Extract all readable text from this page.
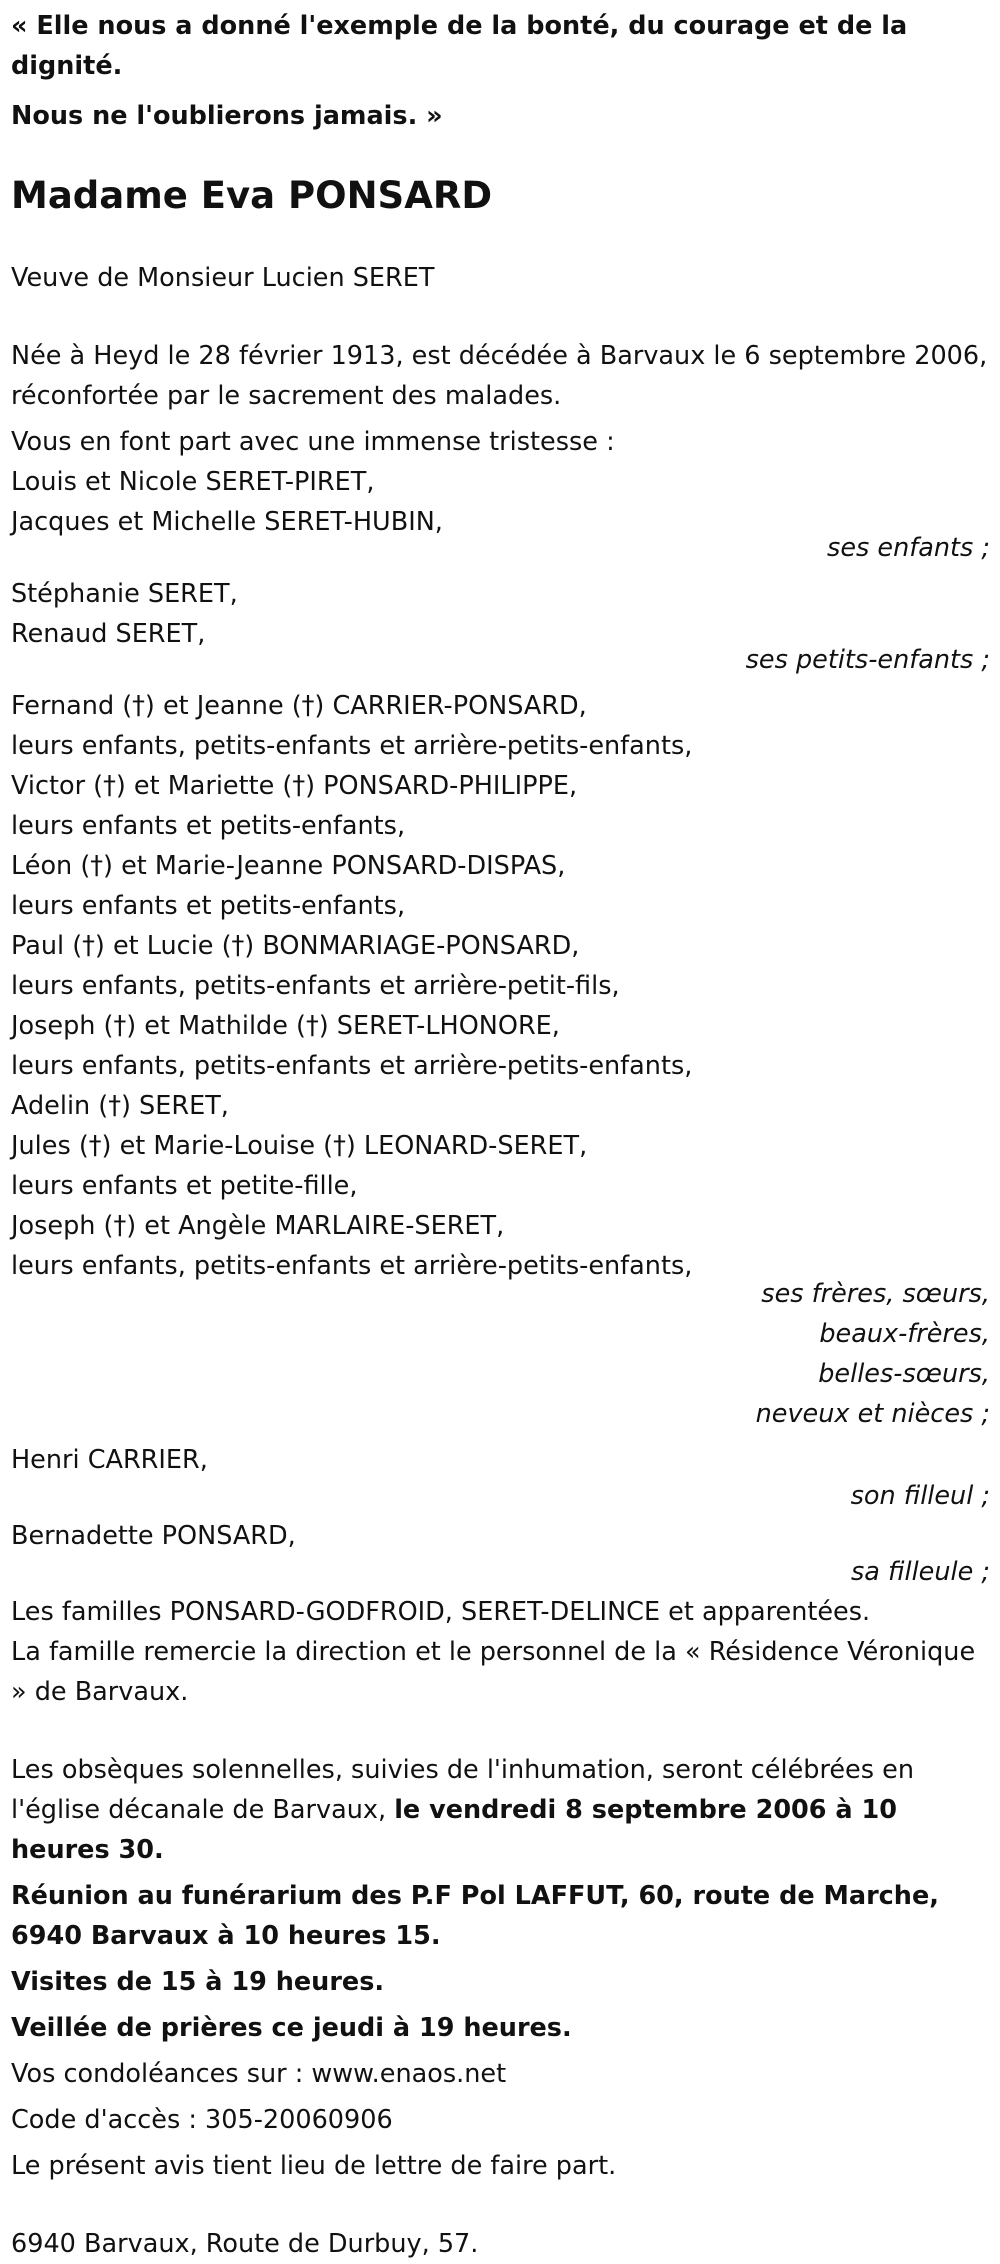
« Elle nous a donné l'exemple de la bonté, du courage et de la dignité.

Nous ne l'oublierons jamais. »

Madame Eva PONSARD

Veuve de Monsieur Lucien SERET

Née à Heyd le 28 février 1913, est décédée à Barvaux le 6 septembre 2006, réconfortée par le sacrement des malades.

Vous en font part avec une immense tristesse :

Louis et Nicole SERET-PIRET,

Jacques et Michelle SERET-HUBIN,

ses enfants ;

Stéphanie SERET,

Renaud SERET,

ses petits-enfants ;

Fernand (†) et Jeanne (†) CARRIER-PONSARD,

leurs enfants, petits-enfants et arrière-petits-enfants,

Victor (†) et Mariette (†) PONSARD-PHILIPPE,

leurs enfants et petits-enfants,

Léon (†) et Marie-Jeanne PONSARD-DISPAS,

leurs enfants et petits-enfants,

Paul (†) et Lucie (†) BONMARIAGE-PONSARD,

leurs enfants, petits-enfants et arrière-petit-fils,

Joseph (†) et Mathilde (†) SERET-LHONORE,

leurs enfants, petits-enfants et arrière-petits-enfants,

Adelin (†) SERET,

Jules (†) et Marie-Louise (†) LEONARD-SERET,

leurs enfants et petite-fille,

Joseph (†) et Angèle MARLAIRE-SERET,

leurs enfants, petits-enfants et arrière-petits-enfants,

ses frères, sœurs, beaux-frères, belles-sœurs, neveux et nièces ;

Henri CARRIER,

son filleul ;

Bernadette PONSARD,

sa filleule ;

Les familles PONSARD-GODFROID, SERET-DELINCE et apparentées.

La famille remercie la direction et le personnel de la « Résidence Véronique » de Barvaux.

Les obsèques solennelles, suivies de l'inhumation, seront célébrées en l'église décanale de Barvaux, le vendredi 8 septembre 2006 à 10 heures 30.

Réunion au funérarium des P.F Pol LAFFUT, 60, route de Marche, 6940 Barvaux à 10 heures 15.

Visites de 15 à 19 heures.

Veillée de prières ce jeudi à 19 heures.

Vos condoléances sur : www.enaos.net

Code d'accès : 305-20060906

Le présent avis tient lieu de lettre de faire part.

6940 Barvaux, Route de Durbuy, 57.
